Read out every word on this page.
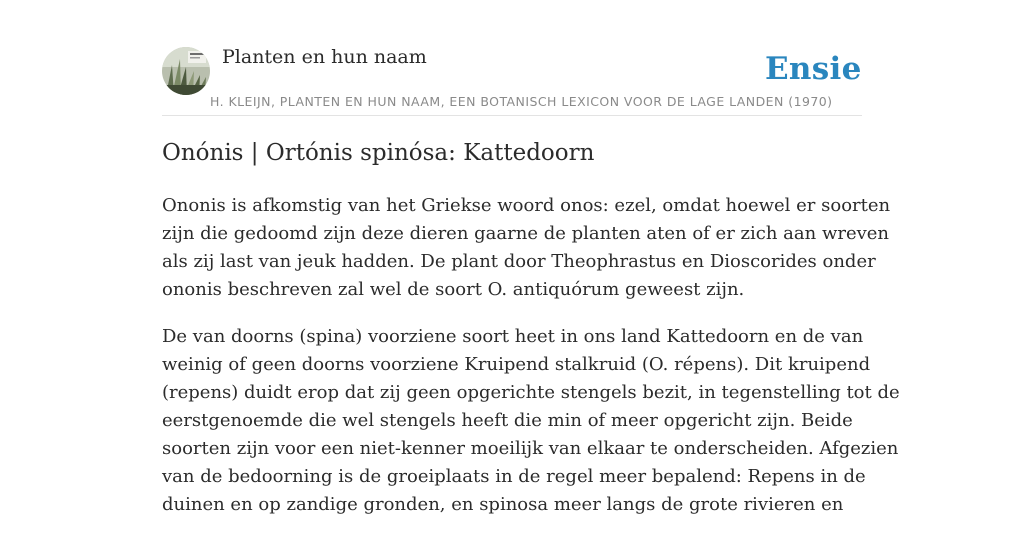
Planten en hun naam	Ensie
H. KLEIJN, PLANTEN EN HUN NAAM, EEN BOTANISCH LEXICON VOOR DE LAGE LANDEN (1970)
Onónis | Ortónis spinósa: Kattedoorn

Ononis is afkomstig van het Griekse woord onos: ezel, omdat hoewel er soorten
zijn die gedoomd zijn deze dieren gaarne de planten aten of er zich aan wreven
als zij last van jeuk hadden. De plant door Theophrastus en Dioscorides onder
ononis beschreven zal wel de soort O. antiquórum geweest zijn.

De van doorns (spina) voorziene soort heet in ons land Kattedoorn en de van
weinig of geen doorns voorziene Kruipend stalkruid (O. répens). Dit kruipend
(repens) duidt erop dat zij geen opgerichte stengels bezit, in tegenstelling tot de
eerstgenoemde die wel stengels heeft die min of meer opgericht zijn. Beide
soorten zijn voor een niet-kenner moeilijk van elkaar te onderscheiden. Afgezien
van de bedoorning is de groeiplaats in de regel meer bepalend: Repens in de
duinen en op zandige gronden, en spinosa meer langs de grote rivieren en
